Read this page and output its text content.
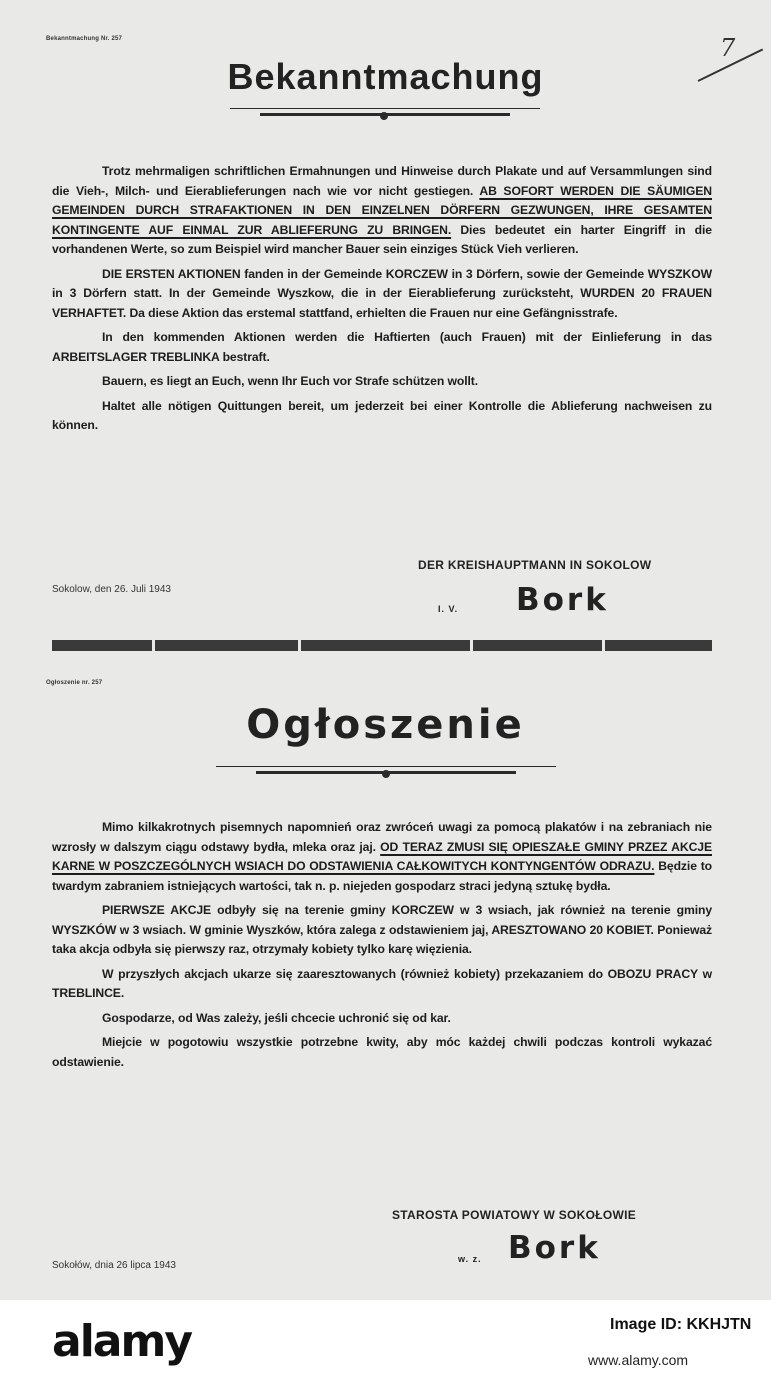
7
Bekanntmachung Nr. 257
Bekanntmachung

Trotz mehrmaligen schriftlichen Ermahnungen und Hinweise durch Plakate und auf Versammlungen sind die Vieh-, Milch- und Eierablieferungen nach wie vor nicht gestiegen. AB SOFORT WERDEN DIE SÄUMIGEN GEMEINDEN DURCH STRAFAKTIONEN IN DEN EINZELNEN DÖRFERN GEZWUNGEN, IHRE GESAMTEN KONTINGENTE AUF EINMAL ZUR ABLIEFERUNG ZU BRINGEN. Dies bedeutet ein harter Eingriff in die vorhandenen Werte, so zum Beispiel wird mancher Bauer sein einziges Stück Vieh verlieren.

DIE ERSTEN AKTIONEN fanden in der Gemeinde KORCZEW in 3 Dörfern, sowie der Gemeinde WYSZKOW in 3 Dörfern statt. In der Gemeinde Wyszkow, die in der Eierablieferung zurücksteht, WURDEN 20 FRAUEN VERHAFTET. Da diese Aktion das erstemal stattfand, erhielten die Frauen nur eine Gefängnisstrafe.

In den kommenden Aktionen werden die Haftierten (auch Frauen) mit der Einlieferung in das ARBEITSLAGER TREBLINKA bestraft.

Bauern, es liegt an Euch, wenn Ihr Euch vor Strafe schützen wollt.

Haltet alle nötigen Quittungen bereit, um jederzeit bei einer Kontrolle die Ablieferung nachweisen zu können.

DER KREISHAUPTMANN IN SOKOLOW
Sokolow, den 26. Juli 1943
I. V. Bork
Ogłoszenie nr. 257
Ogłoszenie

Mimo kilkakrotnych pisemnych napomnień oraz zwróceń uwagi za pomocą plakatów i na zebraniach nie wzrosły w dalszym ciągu odstawy bydła, mleka oraz jaj. OD TERAZ ZMUSI SIĘ OPIESZAŁE GMINY PRZEZ AKCJE KARNE W POSZCZEGÓLNYCH WSIACH DO ODSTAWIENIA CAŁKOWITYCH KONTYNGENTÓW ODRAZU. Będzie to twardym zabraniem istniejących wartości, tak n. p. niejeden gospodarz straci jedyną sztukę bydła.

PIERWSZE AKCJE odbyły się na terenie gminy KORCZEW w 3 wsiach, jak również na terenie gminy WYSZKÓW w 3 wsiach. W gminie Wyszków, która zalega z odstawieniem jaj, ARESZTOWANO 20 KOBIET. Ponieważ taka akcja odbyła się pierwszy raz, otrzymały kobiety tylko karę więzienia.

W przyszłych akcjach ukarze się zaaresztowanych (również kobiety) przekazaniem do OBOZU PRACY w TREBLINCE.

Gospodarze, od Was zależy, jeśli chcecie uchronić się od kar.

Miejcie w pogotowiu wszystkie potrzebne kwity, aby móc każdej chwili podczas kontroli wykazać odstawienie.

STAROSTA POWIATOWY W SOKOŁOWIE
Sokołów, dnia 26 lipca 1943
w. z. Bork
alamy	Image ID: KKHJTN
www.alamy.com
